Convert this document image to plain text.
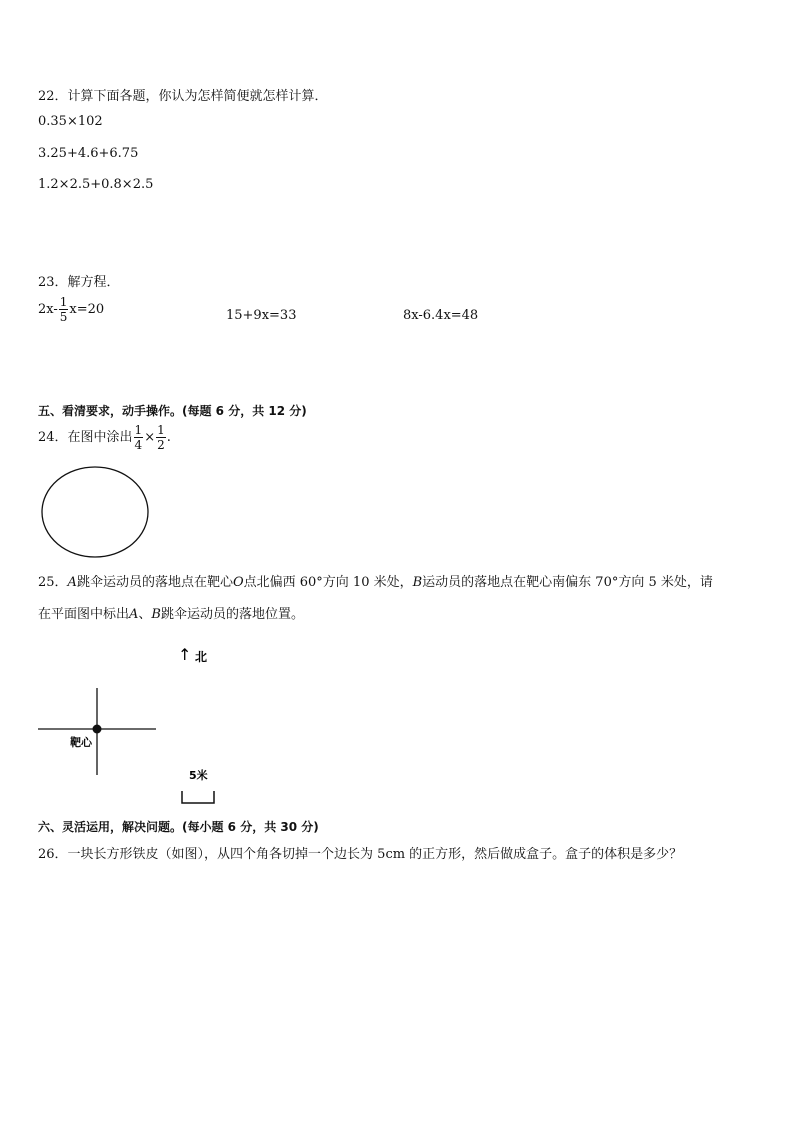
22．计算下面各题，你认为怎样简便就怎样计算．
0.35×102
3.25+4.6+6.75
1.2×2.5+0.8×2.5
23．解方程．
$2x- \frac{1}{5} x=20$	15+9x=33	8x-6.4x=48
五、看清要求，动手操作。(每题 6 分，共 12 分)
24．在图中涂出 $\frac{1}{4} \times \frac{1}{2}$ .
25．A跳伞运动员的落地点在靶心O点北偏西 60°方向 10 米处，B运动员的落地点在靶心南偏东 70°方向 5 米处，请
在平面图中标出A、B跳伞运动员的落地位置。
↑ 北
靶心
5米
六、灵活运用，解决问题。(每小题 6 分，共 30 分)
26．一块长方形铁皮（如图），从四个角各切掉一个边长为 5cm 的正方形，然后做成盒子。盒子的体积是多少？
